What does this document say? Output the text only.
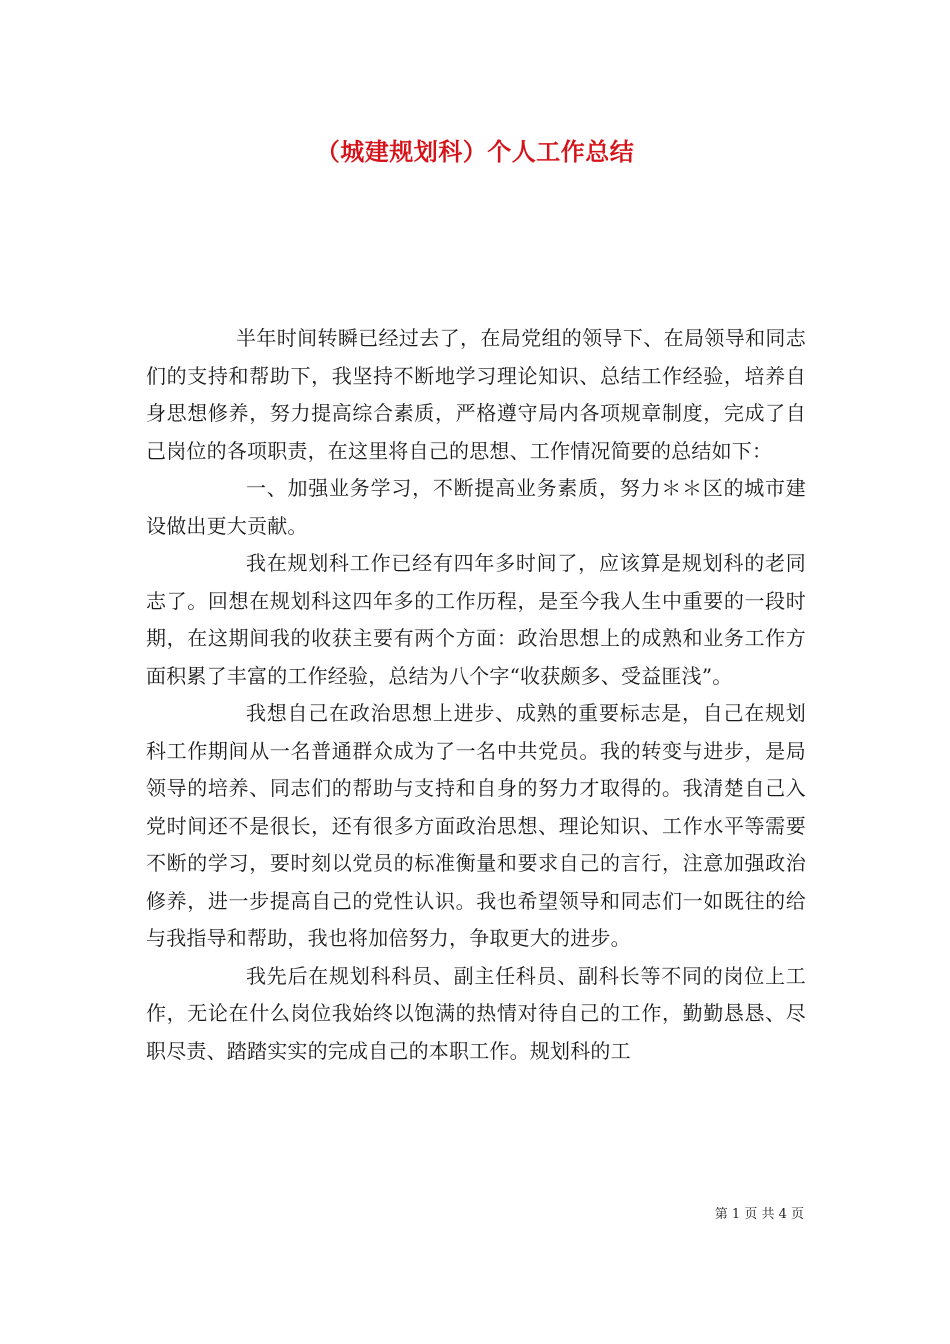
（城建规划科）个人工作总结

半年时间转瞬已经过去了，在局党组的领导下、在局领导和同志们的支持和帮助下，我坚持不断地学习理论知识、总结工作经验，培养自身思想修养，努力提高综合素质，严格遵守局内各项规章制度，完成了自己岗位的各项职责，在这里将自己的思想、工作情况简要的总结如下：

一、加强业务学习，不断提高业务素质，努力＊＊区的城市建设做出更大贡献。

我在规划科工作已经有四年多时间了，应该算是规划科的老同志了。回想在规划科这四年多的工作历程，是至今我人生中重要的一段时期，在这期间我的收获主要有两个方面：政治思想上的成熟和业务工作方面积累了丰富的工作经验，总结为八个字“收获颇多、受益匪浅”。

我想自己在政治思想上进步、成熟的重要标志是，自己在规划科工作期间从一名普通群众成为了一名中共党员。我的转变与进步，是局领导的培养、同志们的帮助与支持和自身的努力才取得的。我清楚自己入党时间还不是很长，还有很多方面政治思想、理论知识、工作水平等需要不断的学习，要时刻以党员的标准衡量和要求自己的言行，注意加强政治修养，进一步提高自己的党性认识。我也希望领导和同志们一如既往的给与我指导和帮助，我也将加倍努力，争取更大的进步。

我先后在规划科科员、副主任科员、副科长等不同的岗位上工作，无论在什么岗位我始终以饱满的热情对待自己的工作，勤勤恳恳、尽职尽责、踏踏实实的完成自己的本职工作。规划科的工

第 1 页 共 4 页
